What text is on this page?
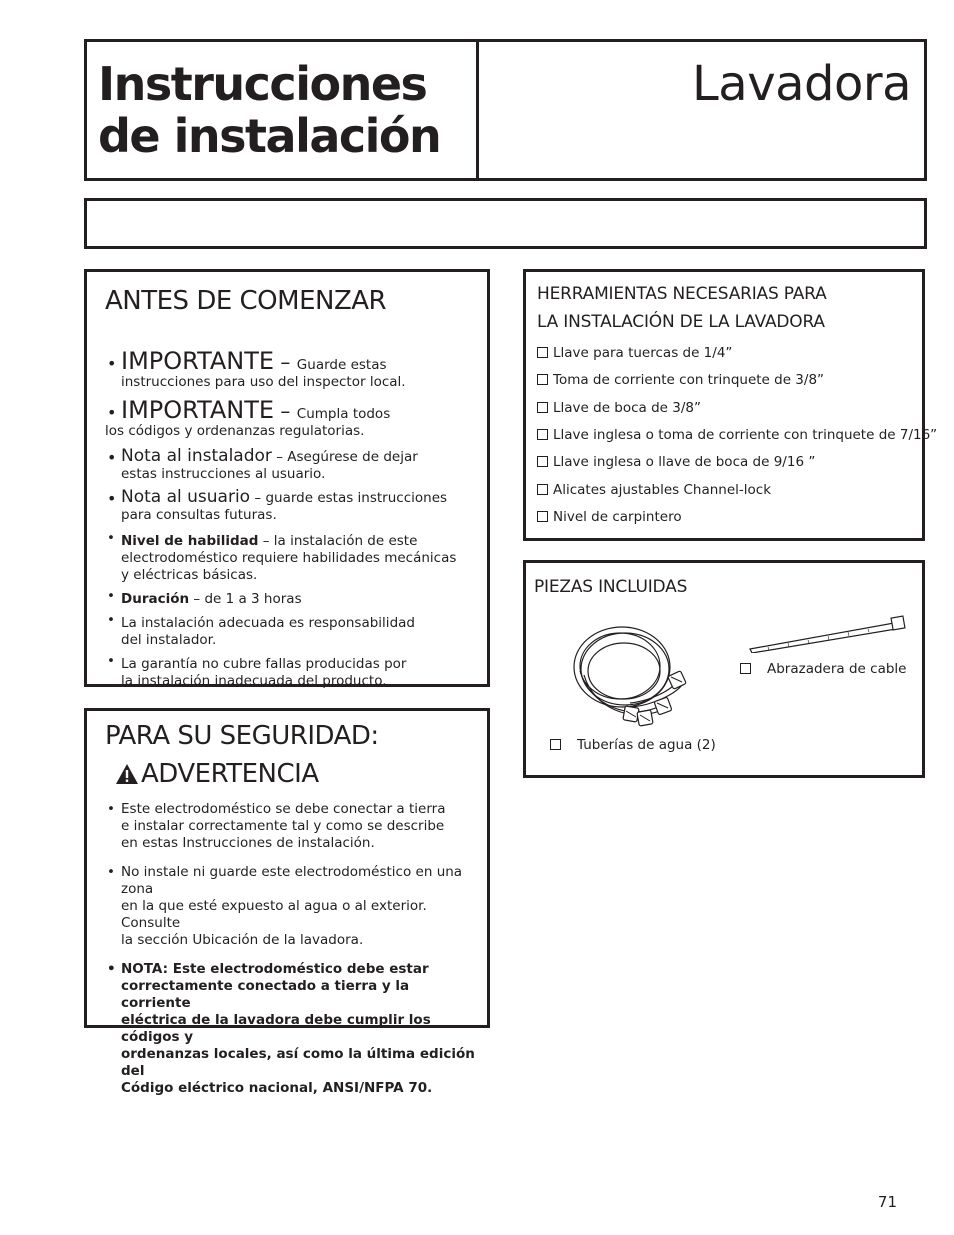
Instrucciones
de instalación
Lavadora
ANTES DE COMENZAR
• IMPORTANTE – Guarde estas
instrucciones para uso del inspector local.
• IMPORTANTE – Cumpla todos
los códigos y ordenanzas regulatorias.
• Nota al instalador – Asegúrese de dejar
estas instrucciones al usuario.
• Nota al usuario – guarde estas instrucciones
para consultas futuras.
• Nivel de habilidad – la instalación de este
electrodoméstico requiere habilidades mecánicas
y eléctricas básicas.
• Duración – de 1 a 3 horas
• La instalación adecuada es responsabilidad
del instalador.
• La garantía no cubre fallas producidas por
la instalación inadecuada del producto.
PARA SU SEGURIDAD:
ADVERTENCIA
• Este electrodoméstico se debe conectar a tierra
e instalar correctamente tal y como se describe
en estas Instrucciones de instalación.
• No instale ni guarde este electrodoméstico en una zona
en la que esté expuesto al agua o al exterior. Consulte
la sección Ubicación de la lavadora.
• NOTA: Este electrodoméstico debe estar
correctamente conectado a tierra y la corriente
eléctrica de la lavadora debe cumplir los códigos y
ordenanzas locales, así como la última edición del
Código eléctrico nacional, ANSI/NFPA 70.
HERRAMIENTAS NECESARIAS PARA
LA INSTALACIÓN DE LA LAVADORA
Llave para tuercas de 1/4”
Toma de corriente con trinquete de 3/8”
Llave de boca de 3/8”
Llave inglesa o toma de corriente con trinquete de 7/16”
Llave inglesa o llave de boca de 9/16 ”
Alicates ajustables Channel-lock
Nivel de carpintero
PIEZAS INCLUIDAS
Abrazadera de cable
Tuberías de agua (2)
71
